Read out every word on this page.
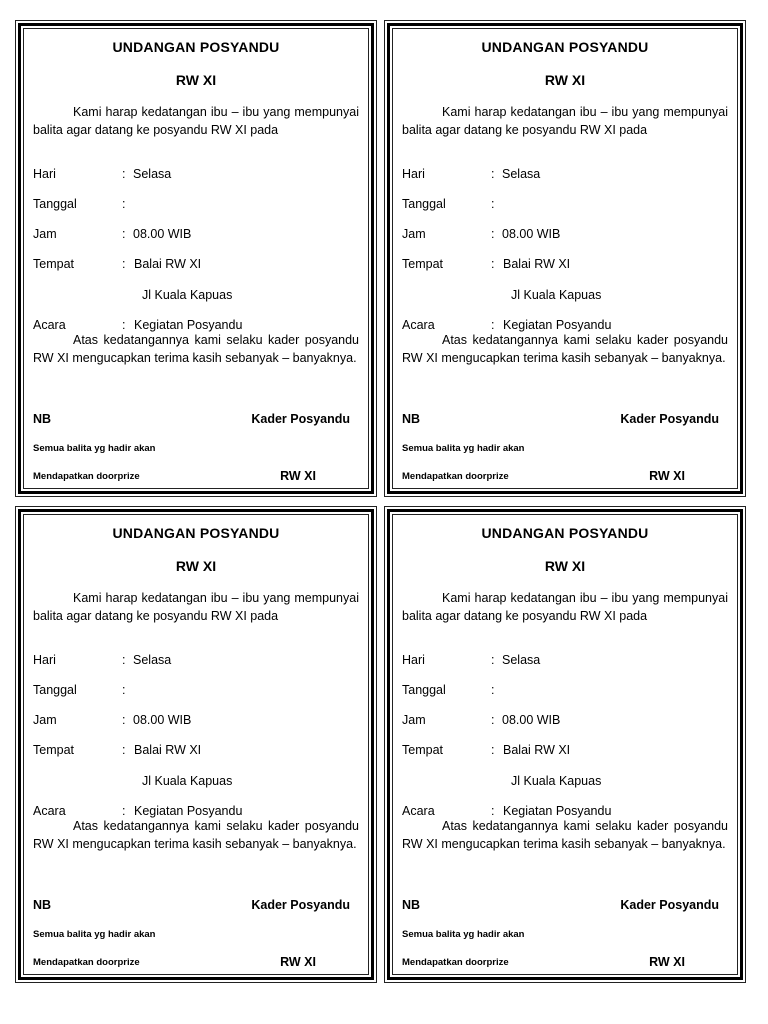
UNDANGAN POSYANDU
RW XI
Kami harap kedatangan ibu – ibu yang mempunyai balita agar datang ke posyandu RW XI pada
Hari	: Selasa
Tanggal	:
Jam	: 08.00 WIB
Tempat	: Balai RW XI
Jl Kuala Kapuas
Acara	: Kegiatan Posyandu
Atas kedatangannya kami selaku kader posyandu RW XI mengucapkan terima kasih sebanyak – banyaknya.
NB	Kader Posyandu
Semua balita yg hadir akan
Mendapatkan doorprize	RW XI
UNDANGAN POSYANDU
RW XI
Kami harap kedatangan ibu – ibu yang mempunyai balita agar datang ke posyandu RW XI pada
Hari	: Selasa
Tanggal	:
Jam	: 08.00 WIB
Tempat	: Balai RW XI
Jl Kuala Kapuas
Acara	: Kegiatan Posyandu
Atas kedatangannya kami selaku kader posyandu RW XI mengucapkan terima kasih sebanyak – banyaknya.
NB	Kader Posyandu
Semua balita yg hadir akan
Mendapatkan doorprize	RW XI
UNDANGAN POSYANDU
RW XI
Kami harap kedatangan ibu – ibu yang mempunyai balita agar datang ke posyandu RW XI pada
Hari	: Selasa
Tanggal	:
Jam	: 08.00 WIB
Tempat	: Balai RW XI
Jl Kuala Kapuas
Acara	: Kegiatan Posyandu
Atas kedatangannya kami selaku kader posyandu RW XI mengucapkan terima kasih sebanyak – banyaknya.
NB	Kader Posyandu
Semua balita yg hadir akan
Mendapatkan doorprize	RW XI
UNDANGAN POSYANDU
RW XI
Kami harap kedatangan ibu – ibu yang mempunyai balita agar datang ke posyandu RW XI pada
Hari	: Selasa
Tanggal	:
Jam	: 08.00 WIB
Tempat	: Balai RW XI
Jl Kuala Kapuas
Acara	: Kegiatan Posyandu
Atas kedatangannya kami selaku kader posyandu RW XI mengucapkan terima kasih sebanyak – banyaknya.
NB	Kader Posyandu
Semua balita yg hadir akan
Mendapatkan doorprize	RW XI
